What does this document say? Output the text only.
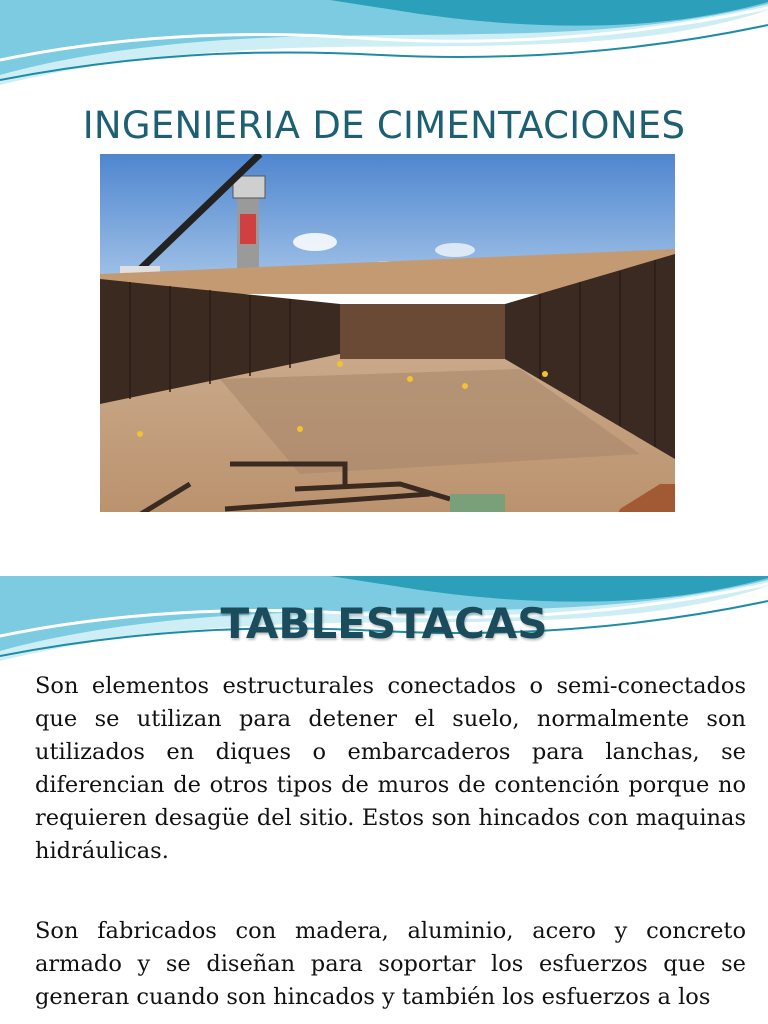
INGENIERIA DE CIMENTACIONES
TABLESTACAS

Son elementos estructurales conectados o semi-conectados que se utilizan para detener el suelo, normalmente son utilizados en diques o embarcaderos para lanchas, se diferencian de otros tipos de muros de contención porque no requieren desagüe del sitio. Estos son hincados con maquinas hidráulicas.

Son fabricados con madera, aluminio, acero y concreto armado y se diseñan para soportar los esfuerzos que se generan cuando son hincados y también los esfuerzos a los
